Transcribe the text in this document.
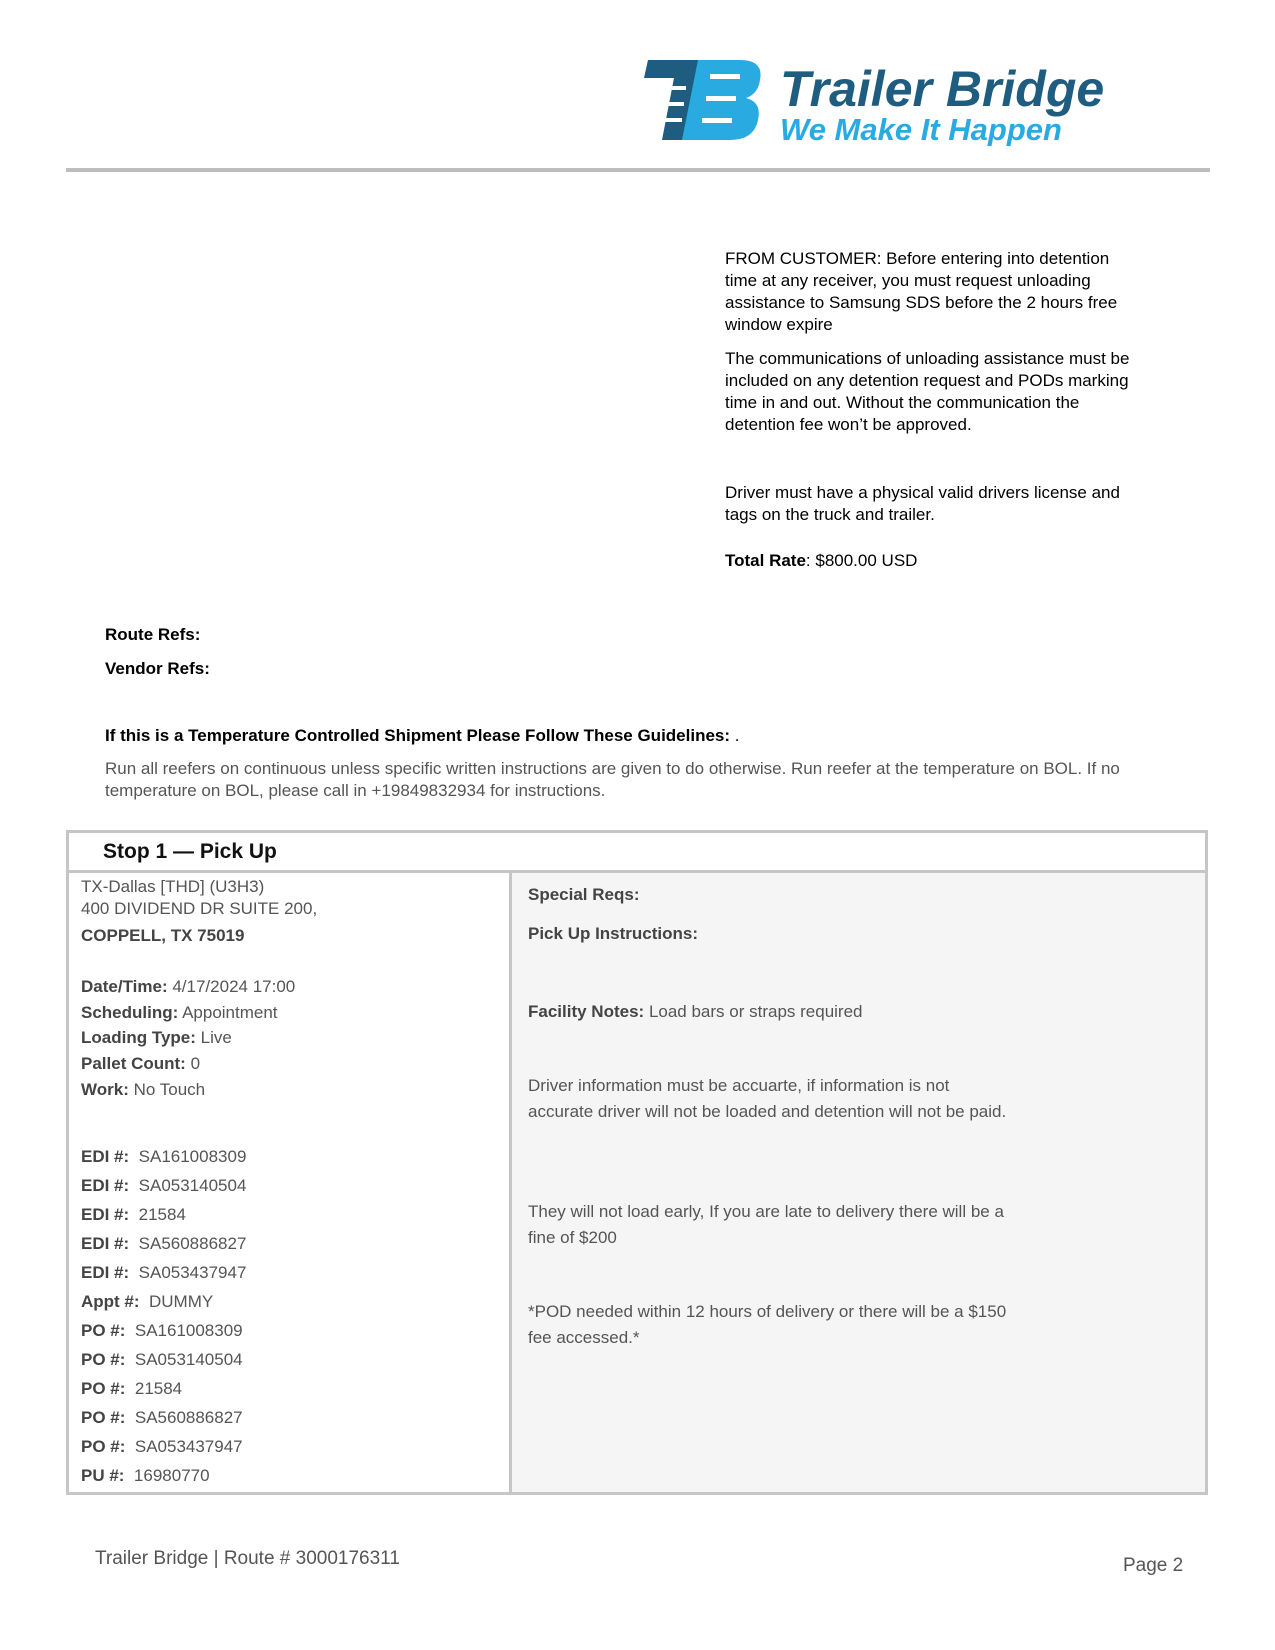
Trailer Bridge
We Make It Happen

FROM CUSTOMER: Before entering into detention time at any receiver, you must request unloading assistance to Samsung SDS before the 2 hours free window expire

The communications of unloading assistance must be included on any detention request and PODs marking time in and out. Without the communication the detention fee won’t be approved.

Driver must have a physical valid drivers license and tags on the truck and trailer.

Total Rate: $800.00 USD

Route Refs:
Vendor Refs:
If this is a Temperature Controlled Shipment Please Follow These Guidelines: .
Run all reefers on continuous unless specific written instructions are given to do otherwise. Run reefer at the temperature on BOL. If no temperature on BOL, please call in +19849832934 for instructions.
Stop 1 — Pick Up
TX-Dallas [THD] (U3H3)
400 DIVIDEND DR SUITE 200,
COPPELL, TX 75019
Date/Time: 4/17/2024 17:00
Scheduling: Appointment
Loading Type: Live
Pallet Count: 0
Work: No Touch
EDI #: SA161008309
EDI #: SA053140504
EDI #: 21584
EDI #: SA560886827
EDI #: SA053437947
Appt #: DUMMY
PO #: SA161008309
PO #: SA053140504
PO #: 21584
PO #: SA560886827
PO #: SA053437947
PU #: 16980770
Special Reqs:
Pick Up Instructions:
Facility Notes: Load bars or straps required
Driver information must be accuarte, if information is not accurate driver will not be loaded and detention will not be paid.
They will not load early, If you are late to delivery there will be a fine of $200
*POD needed within 12 hours of delivery or there will be a $150 fee accessed.*
Trailer Bridge | Route # 3000176311	Page 2
